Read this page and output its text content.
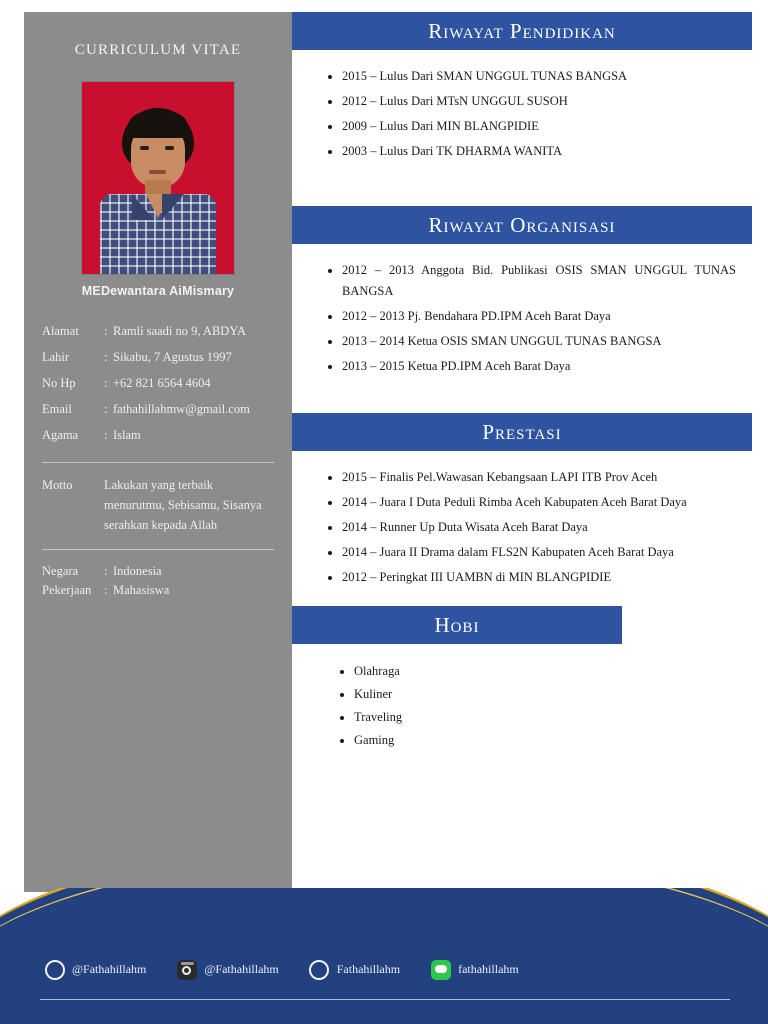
CURRICULUM VITAE
MEDewantara AiMismary
Alamat	: Ramli saadi no 9, ABDYA
Lahir	: Sikabu, 7 Agustus 1997
No Hp	: +62 821 6564 4604
Email	: fathahillahmw@gmail.com
Agama	: Islam
Motto	Lakukan yang terbaik menurutmu, Sebisamu, Sisanya serahkan kepada Allah
Negara	: Indonesia
Pekerjaan	: Mahasiswa
Riwayat Pendidikan
• 2015 – Lulus Dari SMAN UNGGUL TUNAS BANGSA
• 2012 – Lulus Dari MTsN UNGGUL SUSOH
• 2009 – Lulus Dari MIN BLANGPIDIE
• 2003 – Lulus Dari TK DHARMA WANITA
Riwayat Organisasi
• 2012 – 2013 Anggota Bid. Publikasi OSIS SMAN UNGGUL TUNAS BANGSA
• 2012 – 2013 Pj. Bendahara PD.IPM Aceh Barat Daya
• 2013 – 2014 Ketua OSIS SMAN UNGGUL TUNAS BANGSA
• 2013 – 2015 Ketua PD.IPM Aceh Barat Daya
Prestasi
• 2015 – Finalis Pel.Wawasan Kebangsaan LAPI ITB Prov Aceh
• 2014 – Juara I Duta Peduli Rimba Aceh Kabupaten Aceh Barat Daya
• 2014 – Runner Up Duta Wisata Aceh Barat Daya
• 2014 – Juara II Drama dalam FLS2N Kabupaten Aceh Barat Daya
• 2012 – Peringkat III UAMBN di MIN BLANGPIDIE
Hobi
• Olahraga
• Kuliner
• Traveling
• Gaming
@Fathahillahm	@Fathahillahm	Fathahillahm	fathahillahm
